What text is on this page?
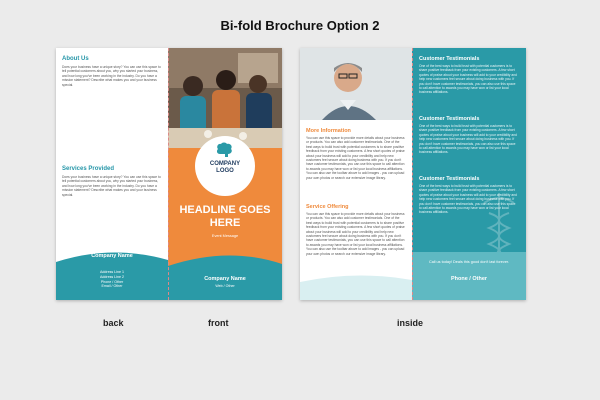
Bi-fold Brochure Option 2
About Us

Does your business have a unique story? You can use this space to tell potential customers about you, why you started your business, and how long you've been working in the industry. Do you have a mission statement? Describe what makes you and your business special.

Services Provided

Does your business have a unique story? You can use this space to tell potential customers about you, why you started your business, and how long you've been working in the industry. Do you have a mission statement? Describe what makes you and your business special.

Company Name
Address Line 1
Address Line 2
Phone / Other
Email / Other
COMPANY
LOGO
HEADLINE GOES
HERE
Event Message
Company Name
Web / Other
More Information

You can use this space to provide more details about your business or products. You can also add customer testimonials. One of the best ways to build trust with potential customers is to share positive feedback from your existing customers. A few short quotes of praise about your business will add to your credibility and help new customers feel secure about doing business with you. If you don't have customer testimonials, you can use this space to call attention to awards you may have won or list your local business affiliations. You can also use the toolbar above to add images - you can upload your own photos or search our extensive image library.

Service Offering

You can use this space to provide more details about your business or products. You can also add customer testimonials. One of the best ways to build trust with potential customers is to share positive feedback from your existing customers. A few short quotes of praise about your business will add to your credibility and help new customers feel secure about doing business with you. If you don't have customer testimonials, you can use this space to call attention to awards you may have won or list your local business affiliations. You can also use the toolbar above to add images - you can upload your own photos or search our extensive image library.

Customer Testimonials

One of the best ways to build trust with potential customers is to share positive feedback from your existing customers. A few short quotes of praise about your business will add to your credibility and help new customers feel secure about doing business with you. If you don't have customer testimonials, you can also use this space to call attention to awards you may have won or list your local business affiliations.

Customer Testimonials

One of the best ways to build trust with potential customers is to share positive feedback from your existing customers. A few short quotes of praise about your business will add to your credibility and help new customers feel secure about doing business with you. If you don't have customer testimonials, you can also use this space to call attention to awards you may have won or list your local business affiliations.

Customer Testimonials

One of the best ways to build trust with potential customers is to share positive feedback from your existing customers. A few short quotes of praise about your business will add to your credibility and help new customers feel secure about doing business with you. If you don't have customer testimonials, you can also use this space to call attention to awards you may have won or list your local business affiliations.

Call us today! Deals this good don't last forever.
Phone / Other
back	front	inside
